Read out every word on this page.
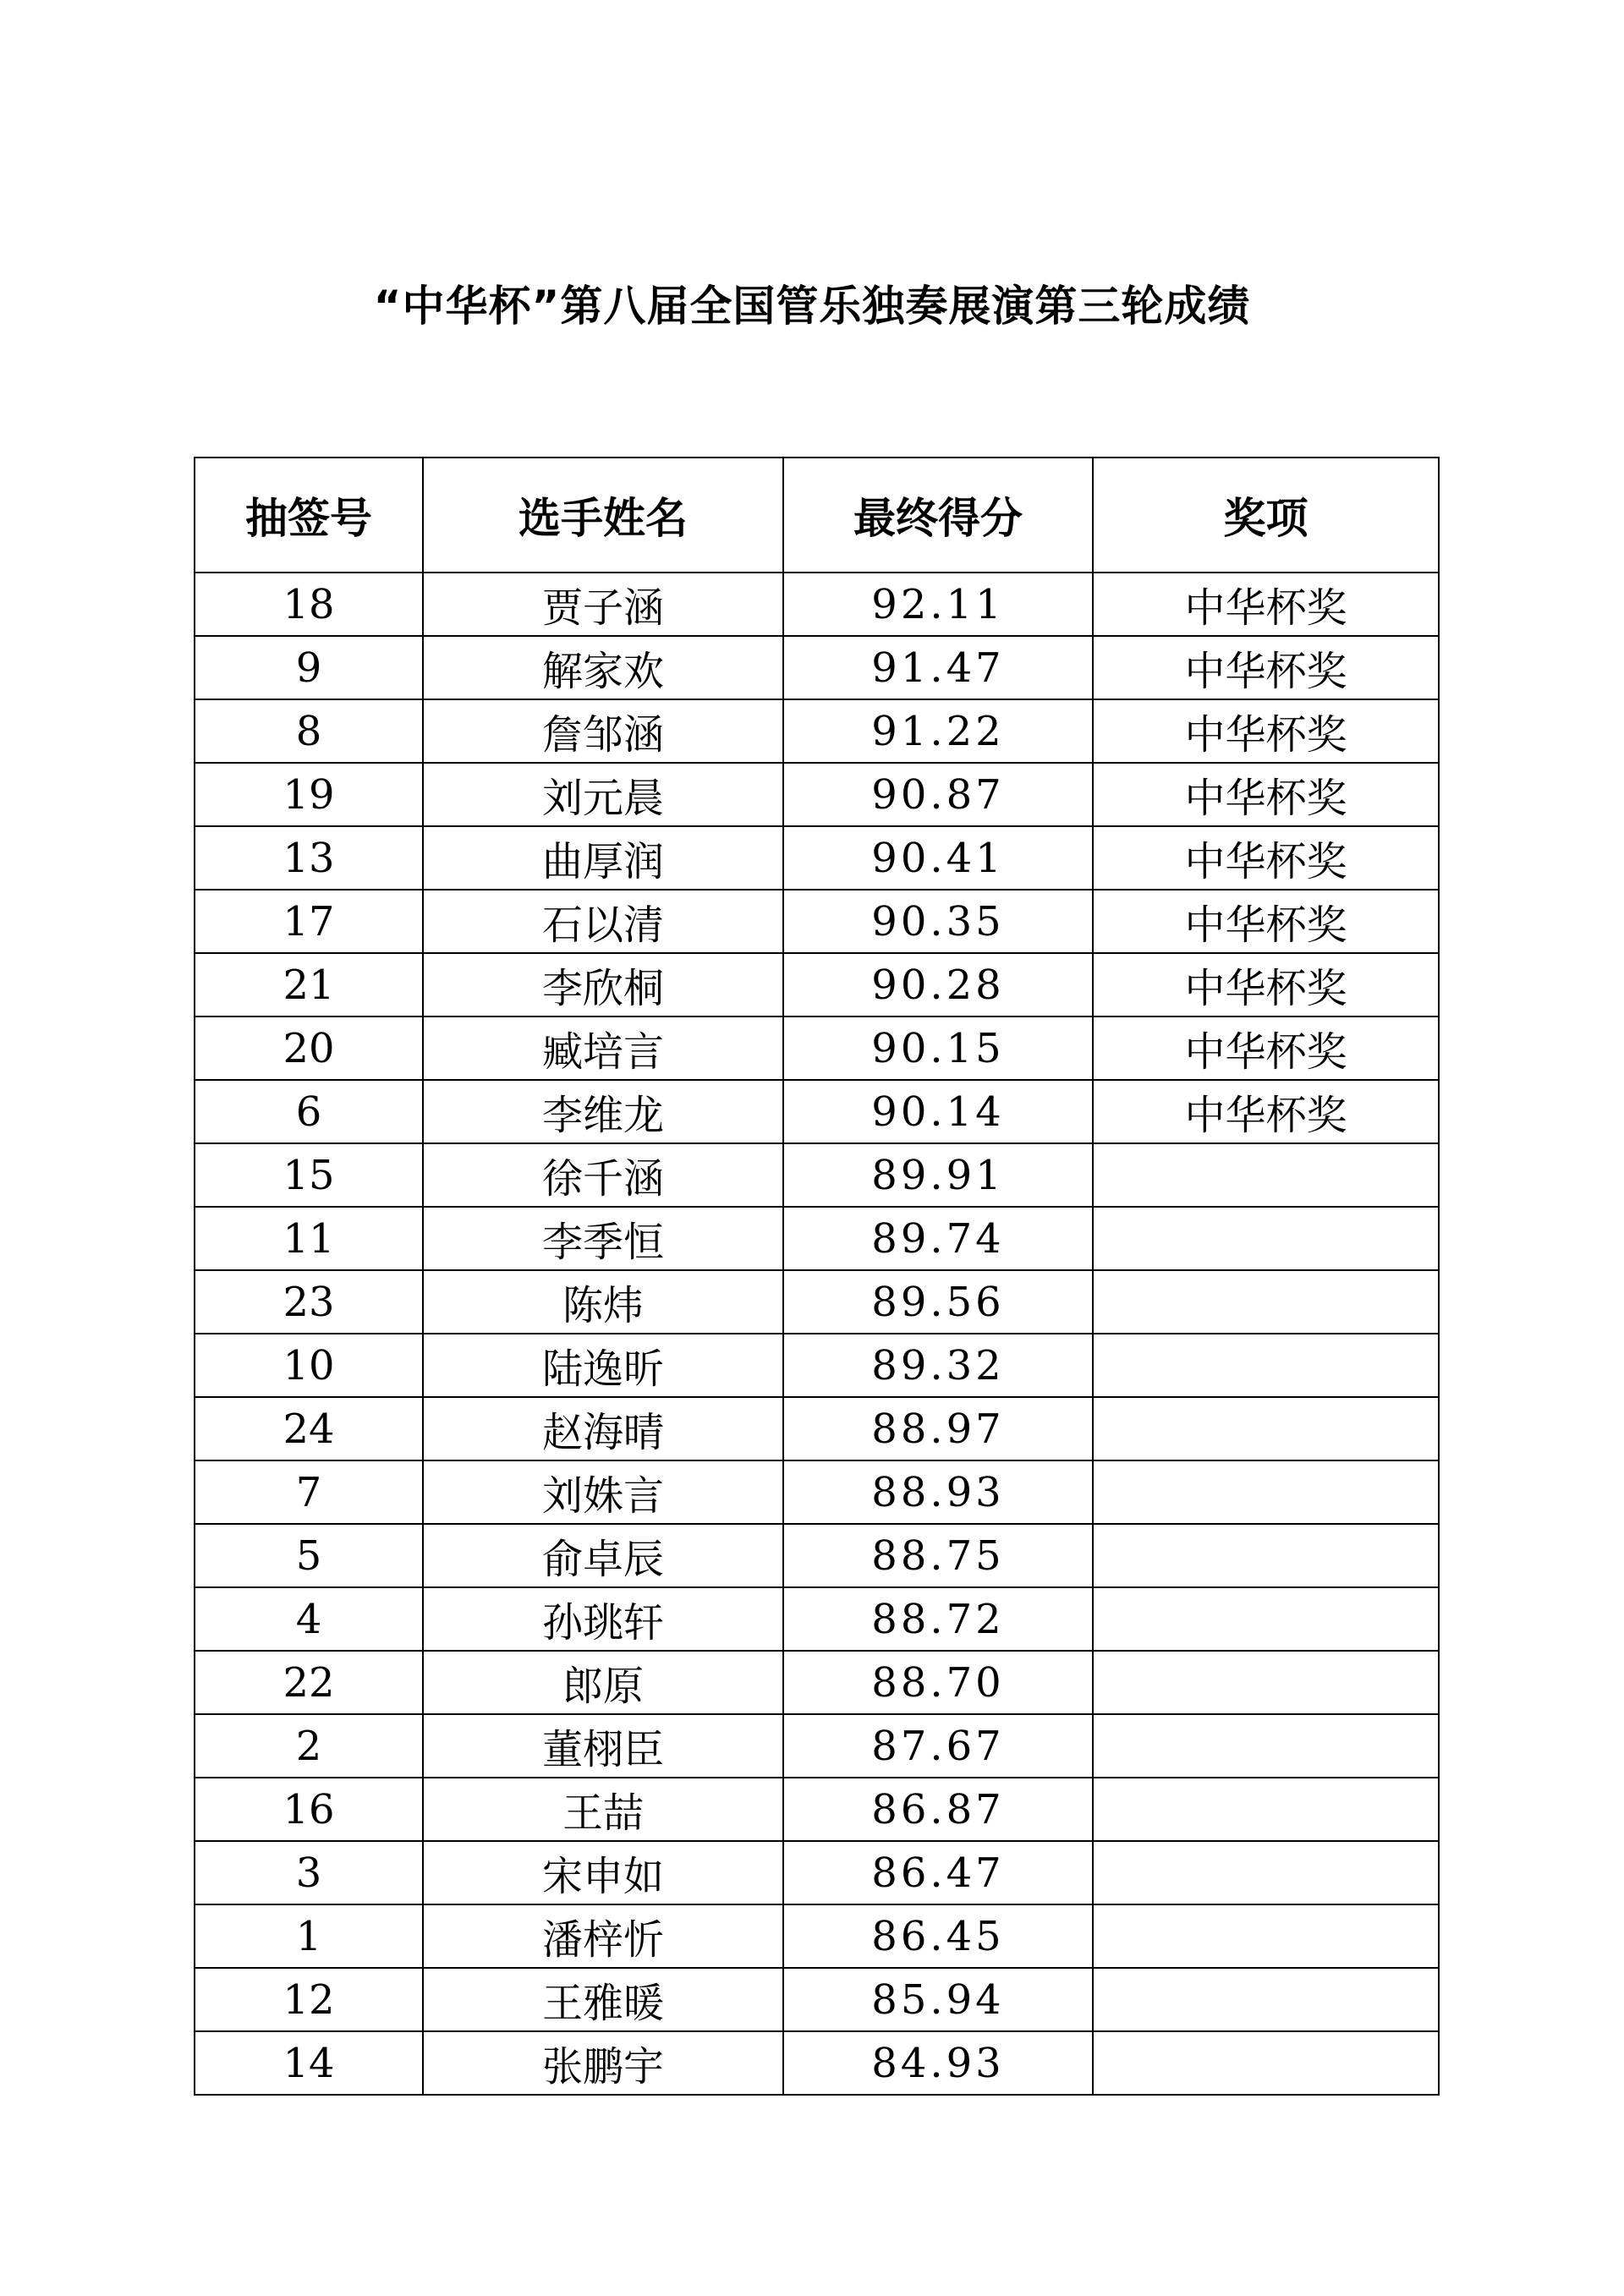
“中华杯”第八届全国管乐独奏展演第三轮成绩
抽签号	选手姓名	最终得分	奖项
18	贾子涵	92.11	中华杯奖
9	解家欢	91.47	中华杯奖
8	詹邹涵	91.22	中华杯奖
19	刘元晨	90.87	中华杯奖
13	曲厚润	90.41	中华杯奖
17	石以清	90.35	中华杯奖
21	李欣桐	90.28	中华杯奖
20	臧培言	90.15	中华杯奖
6	李维龙	90.14	中华杯奖
15	徐千涵	89.91	
11	李季恒	89.74	
23	陈炜	89.56	
10	陆逸昕	89.32	
24	赵海晴	88.97	
7	刘姝言	88.93	
5	俞卓辰	88.75	
4	孙珧轩	88.72	
22	郎原	88.70	
2	董栩臣	87.67	
16	王喆	86.87	
3	宋申如	86.47	
1	潘梓忻	86.45	
12	王雅暖	85.94	
14	张鹏宇	84.93	
